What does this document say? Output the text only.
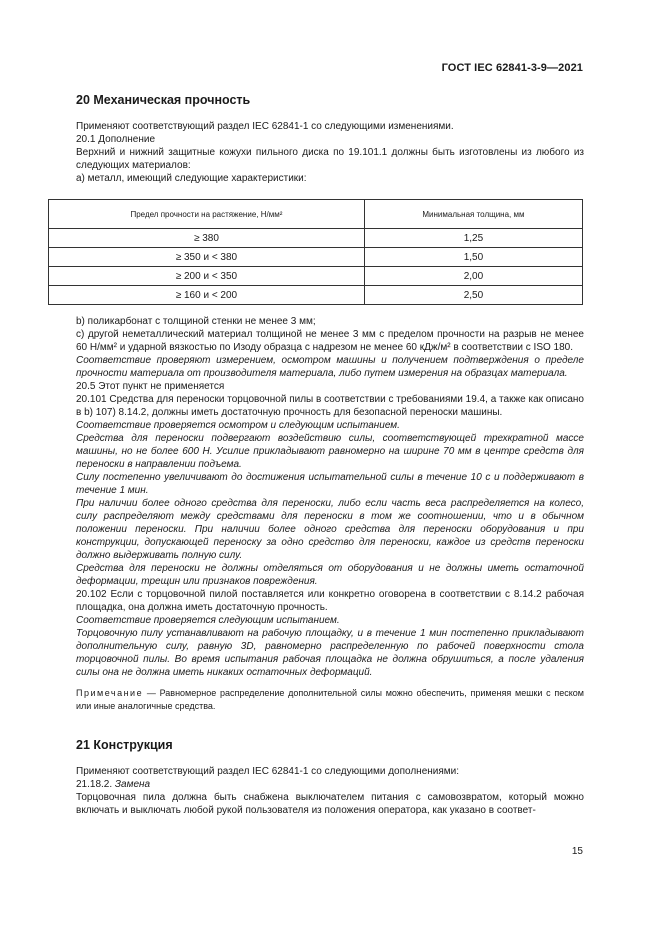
ГОСТ IEC 62841-3-9—2021
20 Механическая прочность

Применяют соответствующий раздел IEC 62841-1 со следующими изменениями.

20.1 Дополнение

Верхний и нижний защитные кожухи пильного диска по 19.101.1 должны быть изготовлены из любого из следующих материалов:

а) металл, имеющий следующие характеристики:

Предел прочности на растяжение, Н/мм²	Минимальная толщина, мм
≥ 380	1,25
≥ 350 и < 380	1,50
≥ 200 и < 350	2,00
≥ 160 и < 200	2,50

b) поликарбонат с толщиной стенки не менее 3 мм;

с) другой неметаллический материал толщиной не менее 3 мм с пределом прочности на разрыв не менее 60 Н/мм² и ударной вязкостью по Изоду образца с надрезом не менее 60 кДж/м² в соответствии с ISO 180.

Соответствие проверяют измерением, осмотром машины и получением подтверждения о пределе прочности материала от производителя материала, либо путем измерения на образцах материала.

20.5 Этот пункт не применяется

20.101 Средства для переноски торцовочной пилы в соответствии с требованиями 19.4, а также как описано в b) 107) 8.14.2, должны иметь достаточную прочность для безопасной переноски машины.

Соответствие проверяется осмотром и следующим испытанием.

Средства для переноски подвергают воздействию силы, соответствующей трехкратной массе машины, но не более 600 Н. Усилие прикладывают равномерно на ширине 70 мм в центре средств для переноски в направлении подъема.

Силу постепенно увеличивают до достижения испытательной силы в течение 10 с и поддерживают в течение 1 мин.

При наличии более одного средства для переноски, либо если часть веса распределяется на колесо, силу распределяют между средствами для переноски в том же соотношении, что и в обычном положении переноски. При наличии более одного средства для переноски оборудования и при конструкции, допускающей переноску за одно средство для переноски, каждое из средств переноски должно выдерживать полную силу.

Средства для переноски не должны отделяться от оборудования и не должны иметь остаточной деформации, трещин или признаков повреждения.

20.102 Если с торцовочной пилой поставляется или конкретно оговорена в соответствии с 8.14.2 рабочая площадка, она должна иметь достаточную прочность.

Соответствие проверяется следующим испытанием.

Торцовочную пилу устанавливают на рабочую площадку, и в течение 1 мин постепенно прикладывают дополнительную силу, равную 3D, равномерно распределенную по рабочей поверхности стола торцовочной пилы. Во время испытания рабочая площадка не должна обрушиться, а после удаления силы она не должна иметь никаких остаточных деформаций.

Примечание — Равномерное распределение дополнительной силы можно обеспечить, применяя мешки с песком или иные аналогичные средства.

21 Конструкция

Применяют соответствующий раздел IEC 62841-1 со следующими дополнениями:

21.18.2. Замена

Торцовочная пила должна быть снабжена выключателем питания с самовозвратом, который можно включать и выключать любой рукой пользователя из положения оператора, как указано в соответ-

15
